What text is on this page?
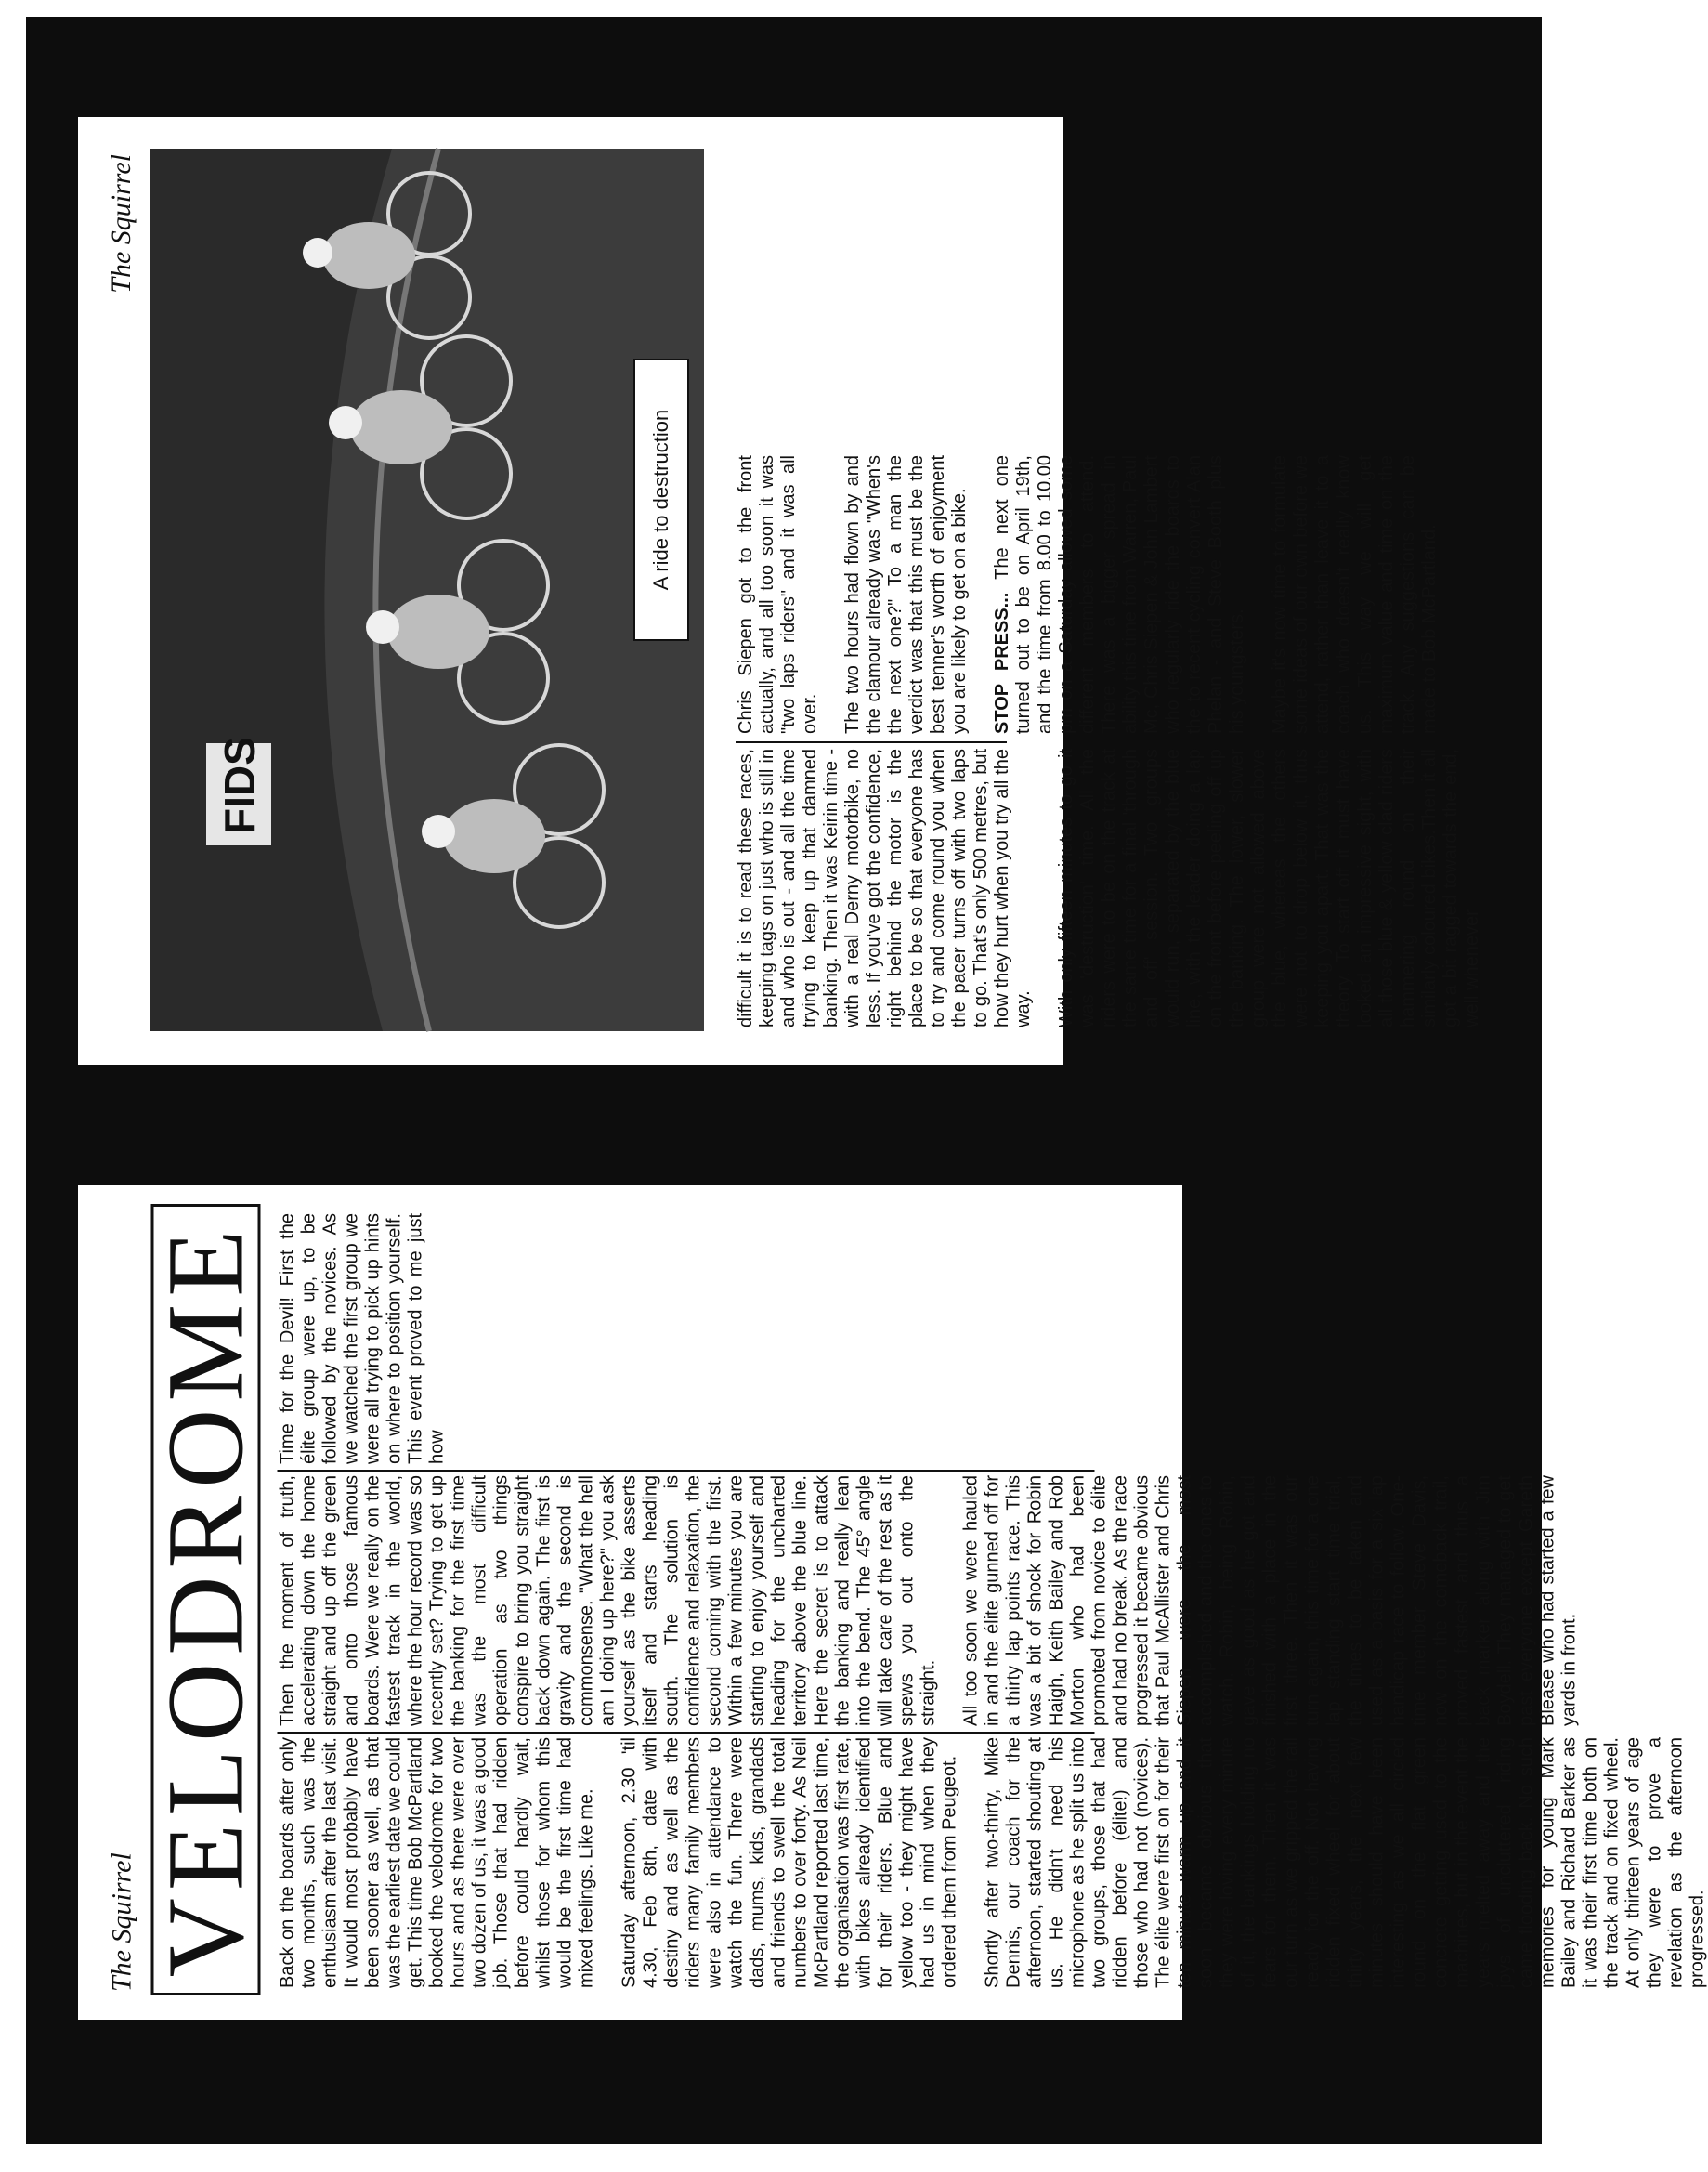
The Squirrel VELODROME Back on the boards after only two months, such was the enthusiasm after the last visit. It would most probably have been sooner as well, as that was the earliest date we could get. This time Bob McPartland booked the velodrome for two hours and as there were over two dozen of us, it was a good job. Those that had ridden before could hardly wait, whilst those for whom this would be the first time had mixed feelings. Like me. Saturday afternoon, 2.30 'til 4.30, Feb 8th, date with destiny and as well as the riders many family members were also in attendance to watch the fun. There were dads, mums, kids, grandads and friends to swell the total numbers to over forty. As Neil McPartland reported last time, the organisation was first rate, with bikes already identified for their riders. Blue and yellow too - they might have had us in mind when they ordered them from Peugeot. Shortly after two-thirty, Mike Dennis, our coach for the afternoon, started shouting at us. He didn't need his microphone as he split us into two groups, those that had ridden before (élite!) and those who had not (novices). The élite were first on for their ten minute warm up and it soon became obvious that they were loving every minute of it, the bankings holding no fears for them. Then it was our turn as we gripped the rail ready for the off. Not having ridden fixed wheel for about thirty years, the next few minutes should have been interesting as we all circled round on the flat green concrete getting used to the machines, but in the event the years melted away and the joys of uncluttered riding came flooding back. No such memories for young Mark Bailey and Richard Barker as it was their first time both on the track and on fixed wheel. At only thirteen years of age they were to prove a revelation as the afternoon progressed.

Then the moment of truth, accelerating down the home straight and up off the green and onto those famous boards. Were we really on the fastest track in the world, where the hour record was so recently set? Trying to get up the banking for the first time was the most difficult operation as two things conspire to bring you straight back down again. The first is gravity and the second is commonsense. "What the hell am I doing up here?" you ask yourself as the bike asserts itself and starts heading south. The solution is confidence and relaxation, the second coming with the first. Within a few minutes you are starting to enjoy yourself and heading for the uncharted territory above the blue line. Here the secret is to attack the banking and really lean into the bend. The 45° angle will take care of the rest as it spews you out onto the straight. All too soon we were hauled in and the élite gunned off for a thirty lap points race. This was a bit of shock for Robin Haigh, Keith Bailey and Rob Morton who had been promoted from novice to élite and had no break. As the race progressed it became obvious that Paul McAllister and Chris Siepen were the most accomplished and the ones to watch. Robin, being Robin, gave as good as he got and finished with a place in the first three. Then it was our turn again, this time for a one lap standing start time trial, the times to be taken and used as a basis for a six lap handicap race to follow. One-time member Steve Davis, now on the comeback trail, proved fastest and thus a back marker along with Jim Boydell. They managed to get past everyone except Gareth Blease who had started a few yards in front.

Time for the Devil! First the élite group were up, to be followed by the novices. As we watched the first group we were all trying to pick up hints on where to position yourself. This event proved to me just how

The Squirrel
FIDS
A ride to destruction

difficult it is to read these races, keeping tags on just who is still in and who is out - and all the time trying to keep up that damned banking. Then it was Keirin time - with a real Derny motorbike, no less. If you've got the confidence, right behind the motor is the place to be so that everyone has to try and come round you when the pacer turns off with two laps to go. That's only 500 metres, but how they hurt when you try all the way. With only fifteen minutes to go it was 'destruction' time. All the riders were to be on the track at the same time for a final 'through and off' session. Two groups would run, separated by the blue line, with the leader doing a lap on the front before peeling off up the banking. The lower, slower group were not allowed above the blue, whereas the others were not to drop below it, thus keeping you apart. That was the theory. To start off it must have looked an impressive sight, with all those blue & yellow clad riders hammering round on their similarly coloured bikes.Then it all got a bit ragged towards the end, well whenever

Chris Siepen got to the front actually, and all too soon it was "two laps riders" and it was all over. The two hours had flown by and the clamour already was "When's the next one?" To a man the verdict was that this must be the best tenner's worth of enjoyment you are likely to get on a bike. STOP PRESS... The next one turned out to be on April 19th, and the time from 8.00 to 10.00 pm on a Saturday allowed some different members to attend. There was a bigger spread in ability this time from Warren, Paul Mc, Chris Siepen & John Lambert who regularly ride the boards to the to recent cycling convert Alan Phelan - and Steve Booth plus his youngsters. Maybe it's now time to formulate some ideas of our own before we attend, rather than leave it to a coach who doesn't really know us. This way we will get maximum value and time on the track. Any suggestions can be made to Bob McPartland.
